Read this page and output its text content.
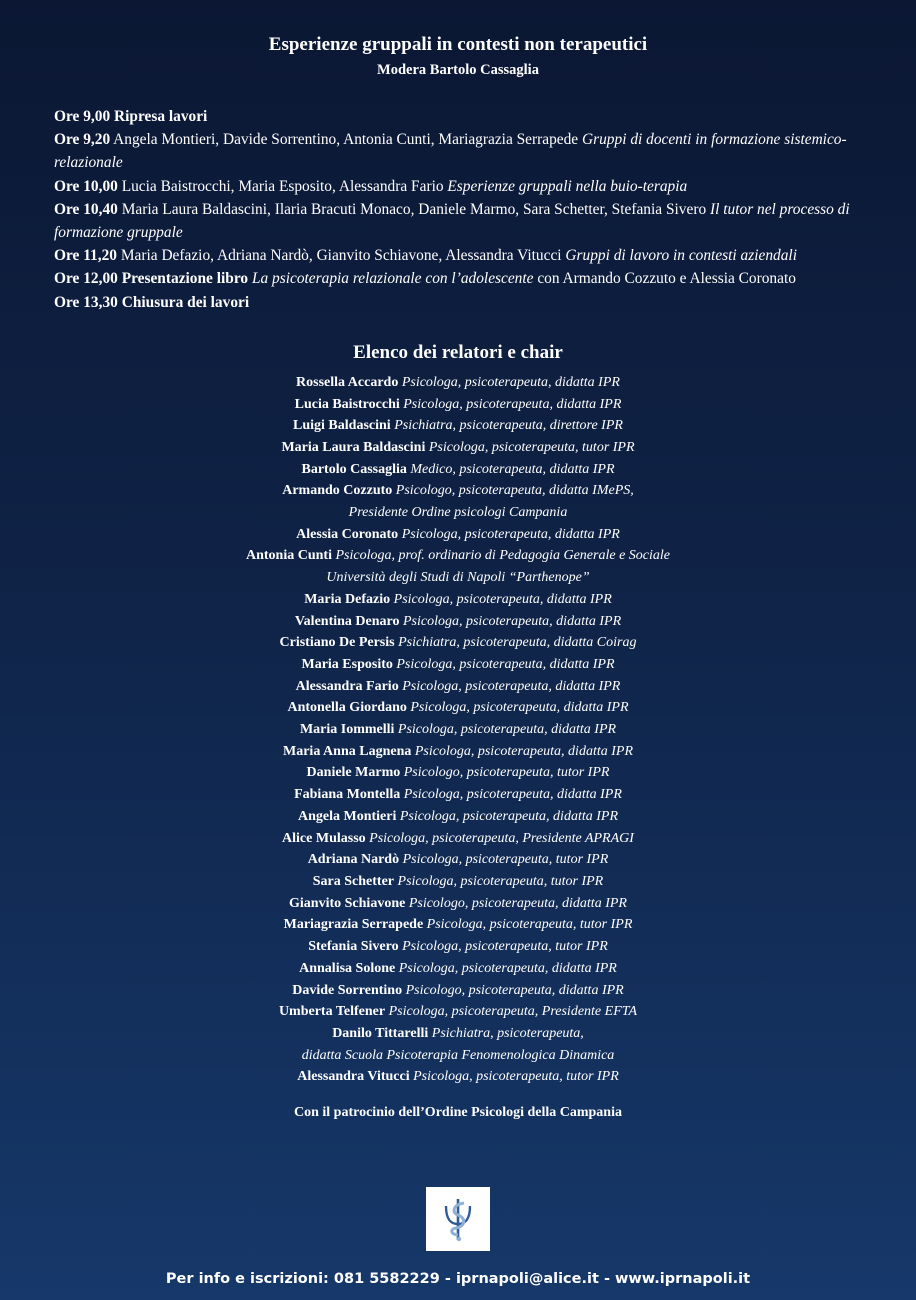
Esperienze gruppali in contesti non terapeutici
Modera Bartolo Cassaglia

Ore 9,00 Ripresa lavori

Ore 9,20 Angela Montieri, Davide Sorrentino, Antonia Cunti, Mariagrazia Serrapede Gruppi di docenti in formazione sistemico-relazionale

Ore 10,00 Lucia Baistrocchi, Maria Esposito, Alessandra Fario Esperienze gruppali nella buio-terapia

Ore 10,40 Maria Laura Baldascini, Ilaria Bracuti Monaco, Daniele Marmo, Sara Schetter, Stefania Sivero Il tutor nel processo di formazione gruppale

Ore 11,20 Maria Defazio, Adriana Nardò, Gianvito Schiavone, Alessandra Vitucci Gruppi di lavoro in contesti aziendali

Ore 12,00 Presentazione libro La psicoterapia relazionale con l’adolescente con Armando Cozzuto e Alessia Coronato

Ore 13,30 Chiusura dei lavori

Elenco dei relatori e chair
Rossella Accardo Psicologa, psicoterapeuta, didatta IPR
Lucia Baistrocchi Psicologa, psicoterapeuta, didatta IPR
Luigi Baldascini Psichiatra, psicoterapeuta, direttore IPR
Maria Laura Baldascini Psicologa, psicoterapeuta, tutor IPR
Bartolo Cassaglia Medico, psicoterapeuta, didatta IPR
Armando Cozzuto Psicologo, psicoterapeuta, didatta IMePS,
Presidente Ordine psicologi Campania
Alessia Coronato Psicologa, psicoterapeuta, didatta IPR
Antonia Cunti Psicologa, prof. ordinario di Pedagogia Generale e Sociale
Università degli Studi di Napoli “Parthenope”
Maria Defazio Psicologa, psicoterapeuta, didatta IPR
Valentina Denaro Psicologa, psicoterapeuta, didatta IPR
Cristiano De Persis Psichiatra, psicoterapeuta, didatta Coirag
Maria Esposito Psicologa, psicoterapeuta, didatta IPR
Alessandra Fario Psicologa, psicoterapeuta, didatta IPR
Antonella Giordano Psicologa, psicoterapeuta, didatta IPR
Maria Iommelli Psicologa, psicoterapeuta, didatta IPR
Maria Anna Lagnena Psicologa, psicoterapeuta, didatta IPR
Daniele Marmo Psicologo, psicoterapeuta, tutor IPR
Fabiana Montella Psicologa, psicoterapeuta, didatta IPR
Angela Montieri Psicologa, psicoterapeuta, didatta IPR
Alice Mulasso Psicologa, psicoterapeuta, Presidente APRAGI
Adriana Nardò Psicologa, psicoterapeuta, tutor IPR
Sara Schetter Psicologa, psicoterapeuta, tutor IPR
Gianvito Schiavone Psicologo, psicoterapeuta, didatta IPR
Mariagrazia Serrapede Psicologa, psicoterapeuta, tutor IPR
Stefania Sivero Psicologa, psicoterapeuta, tutor IPR
Annalisa Solone Psicologa, psicoterapeuta, didatta IPR
Davide Sorrentino Psicologo, psicoterapeuta, didatta IPR
Umberta Telfener Psicologa, psicoterapeuta, Presidente EFTA
Danilo Tittarelli Psichiatra, psicoterapeuta,
didatta Scuola Psicoterapia Fenomenologica Dinamica
Alessandra Vitucci Psicologa, psicoterapeuta, tutor IPR
Con il patrocinio dell’Ordine Psicologi della Campania
Per info e iscrizioni: 081 5582229 - iprnapoli@alice.it - www.iprnapoli.it
